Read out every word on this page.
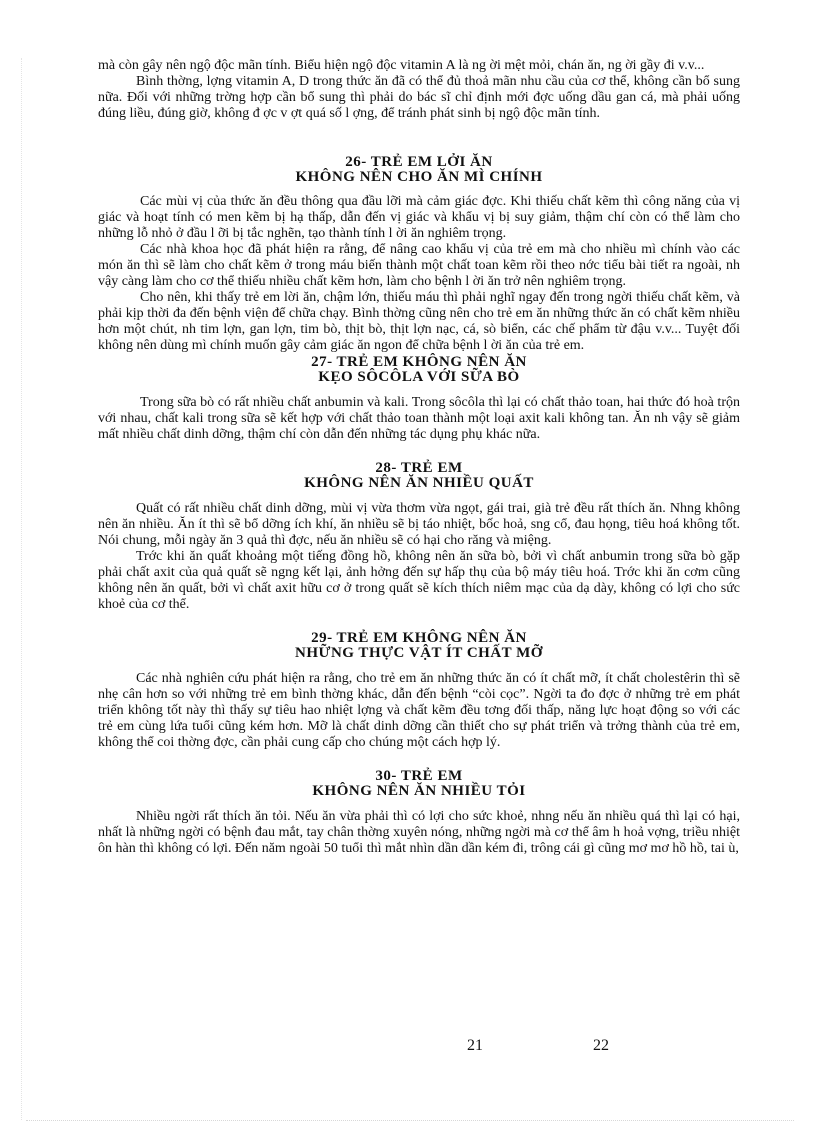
mà còn gây nên ngộ độc mãn tính. Biểu hiện ngộ độc vitamin A là ng ời mệt mỏi, chán ăn, ng ời gầy đi v.v...

Bình thờng, lợng vitamin A, D trong thức ăn đã có thể đủ thoả mãn nhu cầu của cơ thể, không cần bổ sung nữa. Đối với những trờng hợp cần bổ sung thì phải do bác sĩ chỉ định mới đợc uống dầu gan cá, mà phải uống đúng liều, đúng giờ, không đ ợc v ợt quá số l ợng, để tránh phát sinh bị ngộ độc mãn tính.

26- TRẺ EM LỞI ĂN
KHÔNG NÊN CHO ĂN MÌ CHÍNH

Các mùi vị của thức ăn đều thông qua đầu lỡi mà cảm giác đợc. Khi thiếu chất kẽm thì công năng của vị giác và hoạt tính có men kẽm bị hạ thấp, dẫn đến vị giác và khẩu vị bị suy giảm, thậm chí còn có thể làm cho những lỗ nhỏ ở đầu l ỡi bị tắc nghẽn, tạo thành tính l ời ăn nghiêm trọng.

Các nhà khoa học đã phát hiện ra rằng, để nâng cao khẩu vị của trẻ em mà cho nhiều mì chính vào các món ăn thì sẽ làm cho chất kẽm ở trong máu biến thành một chất toan kẽm rồi theo nớc tiểu bài tiết ra ngoài, nh vậy càng làm cho cơ thể thiếu nhiều chất kẽm hơn, làm cho bệnh l ời ăn trở nên nghiêm trọng.

Cho nên, khi thấy trẻ em lời ăn, chậm lớn, thiếu máu thì phải nghĩ ngay đến trong ngời thiếu chất kẽm, và phải kịp thời đa đến bệnh viện để chữa chạy. Bình thờng cũng nên cho trẻ em ăn những thức ăn có chất kẽm nhiều hơn một chút, nh tim lợn, gan lợn, tim bò, thịt bò, thịt lợn nạc, cá, sò biển, các chế phẩm từ đậu v.v... Tuyệt đối không nên dùng mì chính muốn gây cảm giác ăn ngon để chữa bệnh l ời ăn của trẻ em.

27- TRẺ EM KHÔNG NÊN ĂN
KẸO SÔCÔLA VỚI SỮA BÒ

Trong sữa bò có rất nhiều chất anbumin và kali. Trong sôcôla thì lại có chất thảo toan, hai thức đó hoà trộn với nhau, chất kali trong sữa sẽ kết hợp với chất thảo toan thành một loại axit kali không tan. Ăn nh vậy sẽ giảm mất nhiều chất dinh dỡng, thậm chí còn dẫn đến những tác dụng phụ khác nữa.

28- TRẺ EM
KHÔNG NÊN ĂN NHIỀU QUẤT

Quất có rất nhiều chất dinh dỡng, mùi vị vừa thơm vừa ngọt, gái trai, già trẻ đều rất thích ăn. Nhng không nên ăn nhiều. Ăn ít thì sẽ bổ dỡng ích khí, ăn nhiều sẽ bị táo nhiệt, bốc hoả, sng cổ, đau họng, tiêu hoá không tốt. Nói chung, mỗi ngày ăn 3 quả thì đợc, nếu ăn nhiều sẽ có hại cho răng và miệng.

Trớc khi ăn quất khoảng một tiếng đồng hồ, không nên ăn sữa bò, bởi vì chất anbumin trong sữa bò gặp phải chất axit của quả quất sẽ ngng kết lại, ảnh hởng đến sự hấp thụ của bộ máy tiêu hoá. Trớc khi ăn cơm cũng không nên ăn quất, bởi vì chất axit hữu cơ ở trong quất sẽ kích thích niêm mạc của dạ dày, không có lợi cho sức khoẻ của cơ thể.

29- TRẺ EM KHÔNG NÊN ĂN
NHỮNG THỰC VẬT ÍT CHẤT MỠ

Các nhà nghiên cứu phát hiện ra rằng, cho trẻ em ăn những thức ăn có ít chất mỡ, ít chất cholestêrin thì sẽ nhẹ cân hơn so với những trẻ em bình thờng khác, dẫn đến bệnh “còi cọc”. Ngời ta đo đợc ở những trẻ em phát triển không tốt này thì thấy sự tiêu hao nhiệt lợng và chất kẽm đều tơng đối thấp, năng lực hoạt động so với các trẻ em cùng lứa tuổi cũng kém hơn. Mỡ là chất dinh dỡng cần thiết cho sự phát triển và trởng thành của trẻ em, không thể coi thờng đợc, cần phải cung cấp cho chúng một cách hợp lý.

30- TRẺ EM
KHÔNG NÊN ĂN NHIỀU TỎI

Nhiều ngời rất thích ăn tỏi. Nếu ăn vừa phải thì có lợi cho sức khoẻ, nhng nếu ăn nhiều quá thì lại có hại, nhất là những ngời có bệnh đau mắt, tay chân thờng xuyên nóng, những ngời mà cơ thể âm h hoả vợng, triều nhiệt ôn hàn thì không có lợi. Đến năm ngoài 50 tuổi thì mắt nhìn dần dần kém đi, trông cái gì cũng mơ mơ hồ hồ, tai ù,

21	22
